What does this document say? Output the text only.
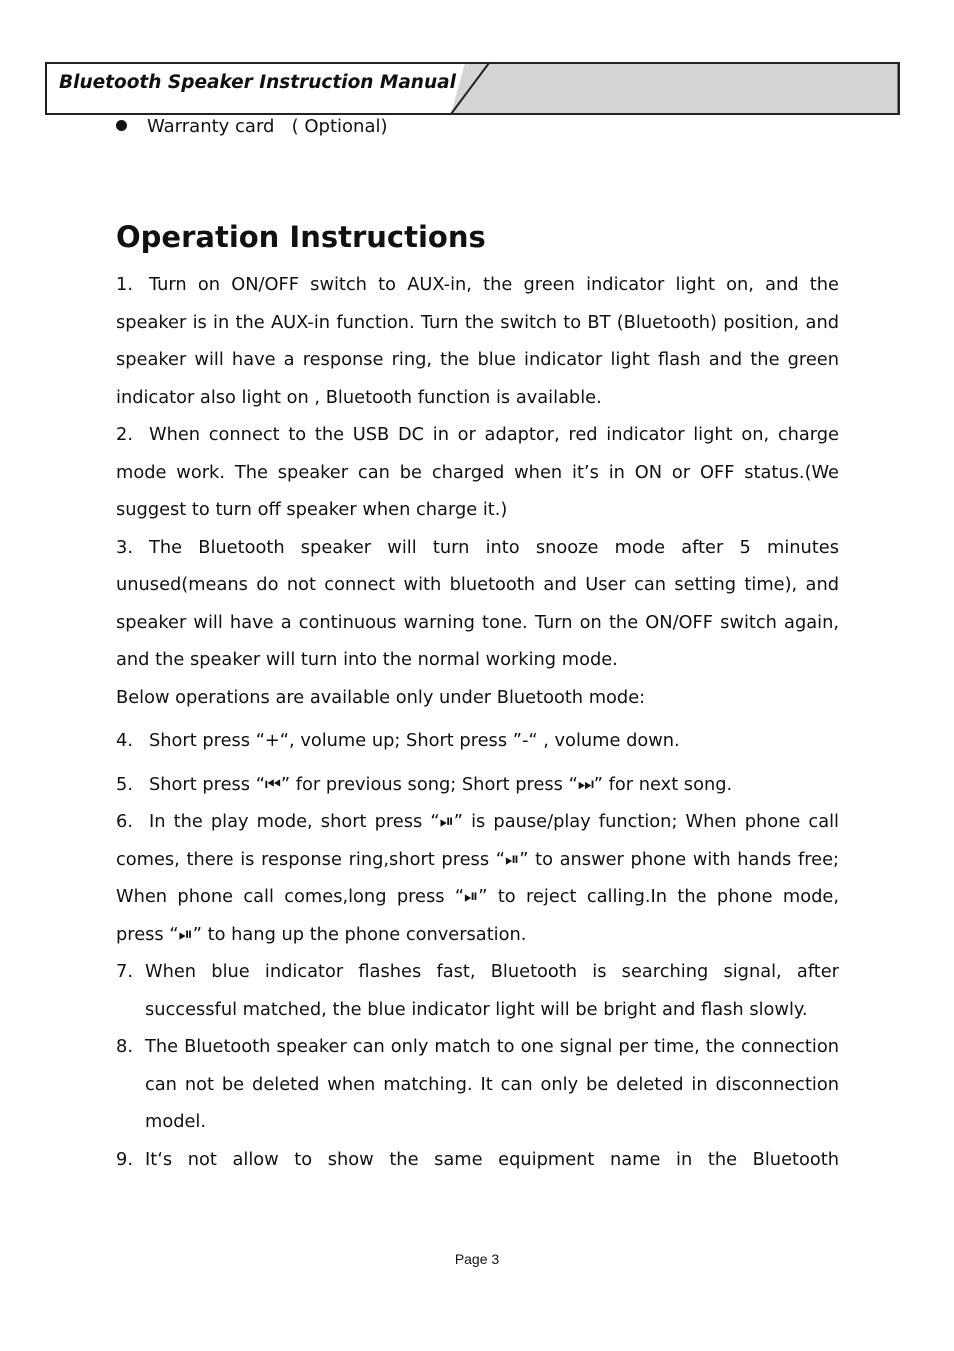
Bluetooth Speaker Instruction Manual
Warranty card   ( Optional)
Operation Instructions

1. Turn on ON/OFF switch to AUX-in, the green indicator light on, and the speaker is in the AUX-in function. Turn the switch to BT (Bluetooth) position, and speaker will have a response ring, the blue indicator light flash and the green indicator also light on , Bluetooth function is available.

2. When connect to the USB DC in or adaptor, red indicator light on, charge mode work. The speaker can be charged when it’s in ON or OFF status.(We suggest to turn off speaker when charge it.)

3. The Bluetooth speaker will turn into snooze mode after 5 minutes unused(means do not connect with bluetooth and User can setting time), and speaker will have a continuous warning tone. Turn on the ON/OFF switch again, and the speaker will turn into the normal working mode.

Below operations are available only under Bluetooth mode:

4. Short press “+“, volume up; Short press ”-“ , volume down.

5. Short press “⏮” for previous song; Short press “⏭” for next song.

6. In the play mode, short press “⏯” is pause/play function; When phone call comes, there is response ring,short press “⏯” to answer phone with hands free; When phone call comes,long press “⏯” to reject calling.In the phone mode, press “⏯” to hang up the phone conversation.

7. When blue indicator flashes fast, Bluetooth is searching signal, after successful matched, the blue indicator light will be bright and flash slowly.

8. The Bluetooth speaker can only match to one signal per time, the connection can not be deleted when matching. It can only be deleted in disconnection model.

9. It‘s not allow to show the same equipment name in the Bluetooth

Page 3
